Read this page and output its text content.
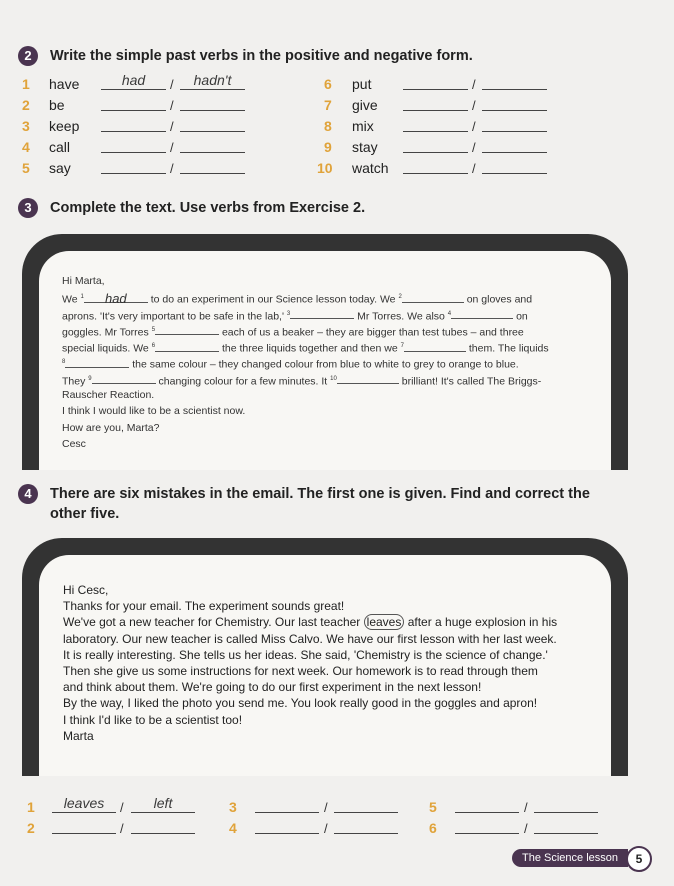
2	Write the simple past verbs in the positive and negative form.
1 have	had	/	hadn't
2 be	/
3 keep	/
4 call	/
5 say	/
6 put	/
7 give	/
8 mix	/
9 stay	/
10 watch	/
3	Complete the text. Use verbs from Exercise 2.
Hi Marta,
We $^1$ had to do an experiment in our Science lesson today. We $^2$	on gloves and
aprons. 'It's very important to be safe in the lab,' $^3$	Mr Torres. We also $^4$	on
goggles. Mr Torres $^5$	each of us a beaker – they are bigger than test tubes – and three
special liquids. We $^6$	the three liquids together and then we $^7$	them. The liquids
$^8$	the same colour – they changed colour from blue to white to grey to orange to blue.
They $^9$	changing colour for a few minutes. It $^{10}$	brilliant! It's called The Briggs-
Rauscher Reaction.
I think I would like to be a scientist now.
How are you, Marta?
Cesc
4	There are six mistakes in the email. The first one is given. Find and correct the
other five.
Hi Cesc,
Thanks for your email. The experiment sounds great!
We've got a new teacher for Chemistry. Our last teacher leaves after a huge explosion in his
laboratory. Our new teacher is called Miss Calvo. We have our first lesson with her last week.
It is really interesting. She tells us her ideas. She said, 'Chemistry is the science of change.'
Then she give us some instructions for next week. Our homework is to read through them
and think about them. We're going to do our first experiment in the next lesson!
By the way, I liked the photo you send me. You look really good in the goggles and apron!
I think I'd like to be a scientist too!
Marta
1	leaves	/	left
2	/
3	/
4	/
5	/
6	/
The Science lesson	5
